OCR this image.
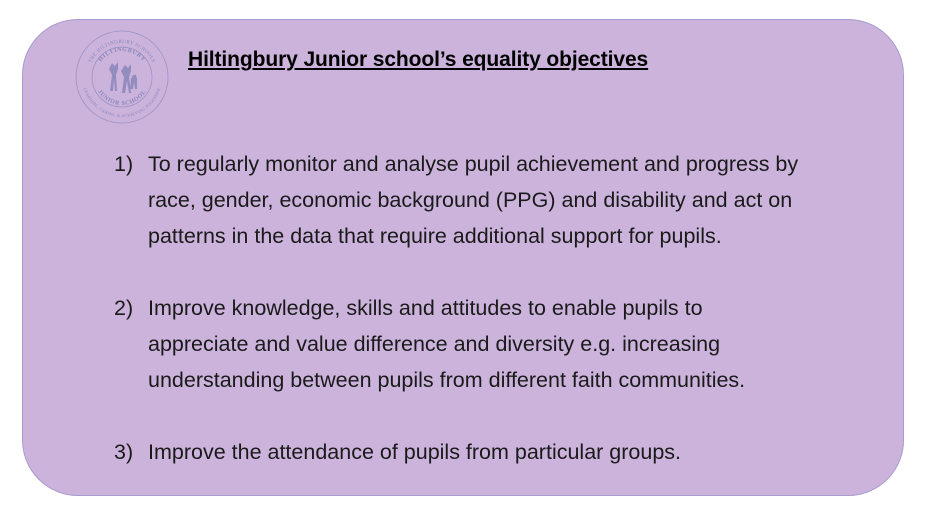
THE HILTINGBURY SCHOOLS
LEARNING, CARING & ACHIEVING TOGETHER
HILTINGBURY
JUNIOR SCHOOL
Hiltingbury Junior school’s equality objectives
1) To regularly monitor and analyse pupil achievement and progress by
race, gender, economic background (PPG) and disability and act on
patterns in the data that require additional support for pupils.
2) Improve knowledge, skills and attitudes to enable pupils to
appreciate and value difference and diversity e.g. increasing
understanding between pupils from different faith communities.
3) Improve the attendance of pupils from particular groups.
